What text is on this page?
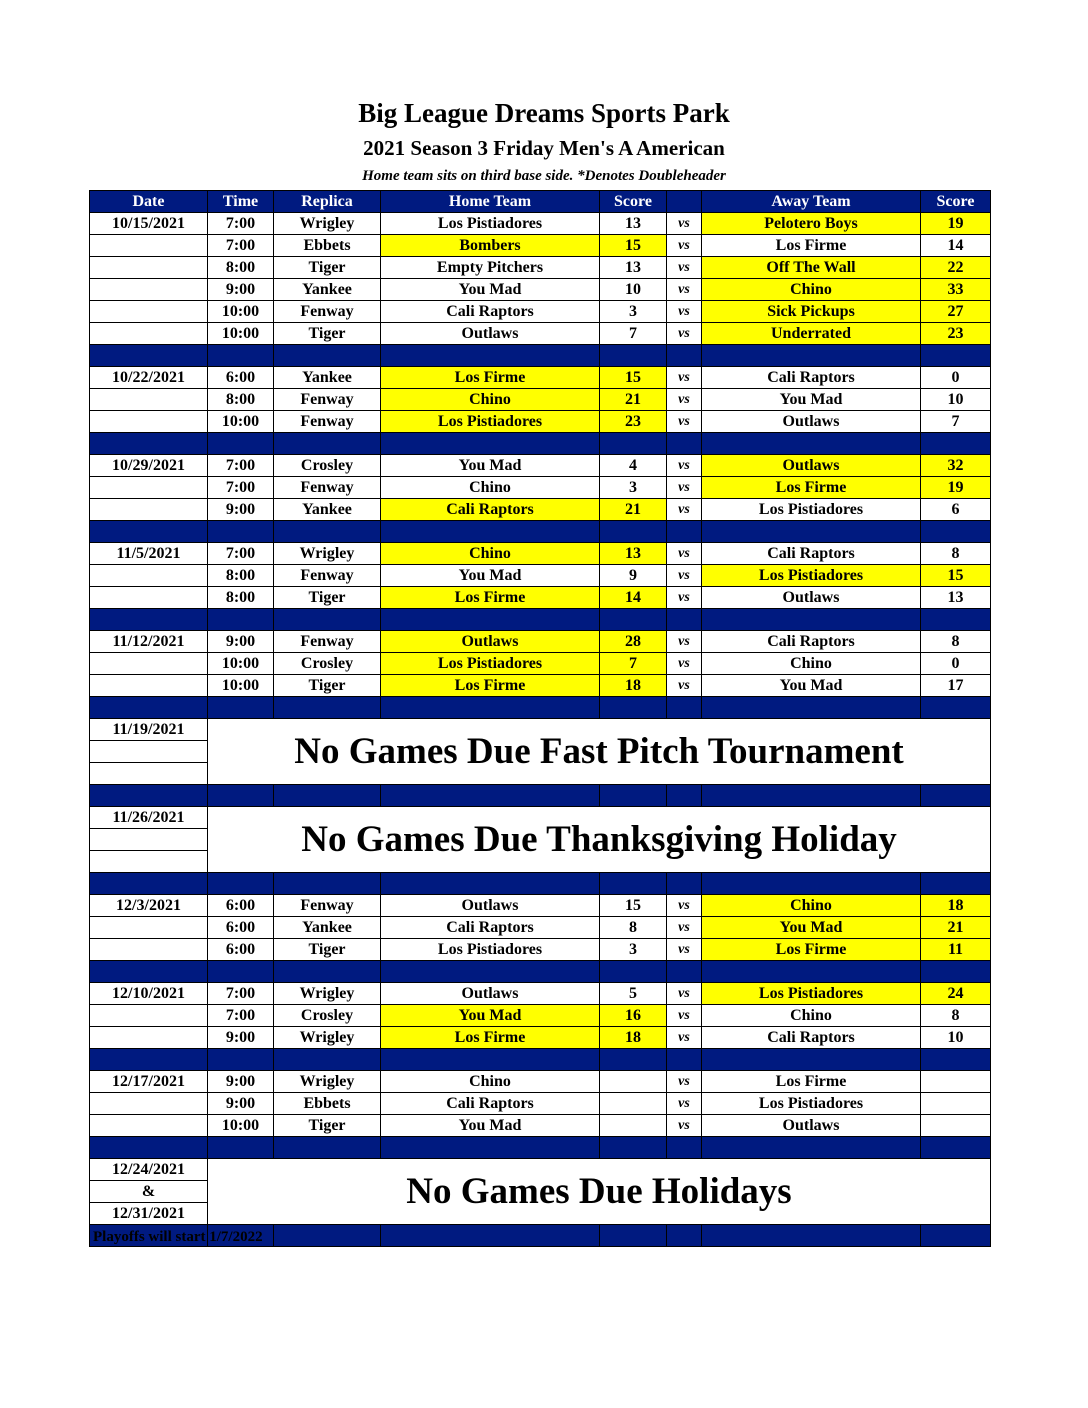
Big League Dreams Sports Park
2021 Season 3 Friday Men's A American
Home team sits on third base side. *Denotes Doubleheader
Date	Time	Replica	Home Team	Score		Away Team	Score
10/15/2021	7:00	Wrigley	Los Pistiadores	13	vs	Pelotero Boys	19
	7:00	Ebbets	Bombers	15	vs	Los Firme	14
	8:00	Tiger	Empty Pitchers	13	vs	Off The Wall	22
	9:00	Yankee	You Mad	10	vs	Chino	33
	10:00	Fenway	Cali Raptors	3	vs	Sick Pickups	27
	10:00	Tiger	Outlaws	7	vs	Underrated	23

10/22/2021	6:00	Yankee	Los Firme	15	vs	Cali Raptors	0
	8:00	Fenway	Chino	21	vs	You Mad	10
	10:00	Fenway	Los Pistiadores	23	vs	Outlaws	7

10/29/2021	7:00	Crosley	You Mad	4	vs	Outlaws	32
	7:00	Fenway	Chino	3	vs	Los Firme	19
	9:00	Yankee	Cali Raptors	21	vs	Los Pistiadores	6

11/5/2021	7:00	Wrigley	Chino	13	vs	Cali Raptors	8
	8:00	Fenway	You Mad	9	vs	Los Pistiadores	15
	8:00	Tiger	Los Firme	14	vs	Outlaws	13

11/12/2021	9:00	Fenway	Outlaws	28	vs	Cali Raptors	8
	10:00	Crosley	Los Pistiadores	7	vs	Chino	0
	10:00	Tiger	Los Firme	18	vs	You Mad	17

11/19/2021	No Games Due Fast Pitch Tournament						

11/26/2021	No Games Due Thanksgiving Holiday						

12/3/2021	6:00	Fenway	Outlaws	15	vs	Chino	18
	6:00	Yankee	Cali Raptors	8	vs	You Mad	21
	6:00	Tiger	Los Pistiadores	3	vs	Los Firme	11

12/10/2021	7:00	Wrigley	Outlaws	5	vs	Los Pistiadores	24
	7:00	Crosley	You Mad	16	vs	Chino	8
	9:00	Wrigley	Los Firme	18	vs	Cali Raptors	10

12/17/2021	9:00	Wrigley	Chino		vs	Los Firme	
	9:00	Ebbets	Cali Raptors		vs	Los Pistiadores	
	10:00	Tiger	You Mad		vs	Outlaws	

12/24/2021	No Games Due Holidays						
&							
12/31/2021							

Playoffs will start 1/7/2022
